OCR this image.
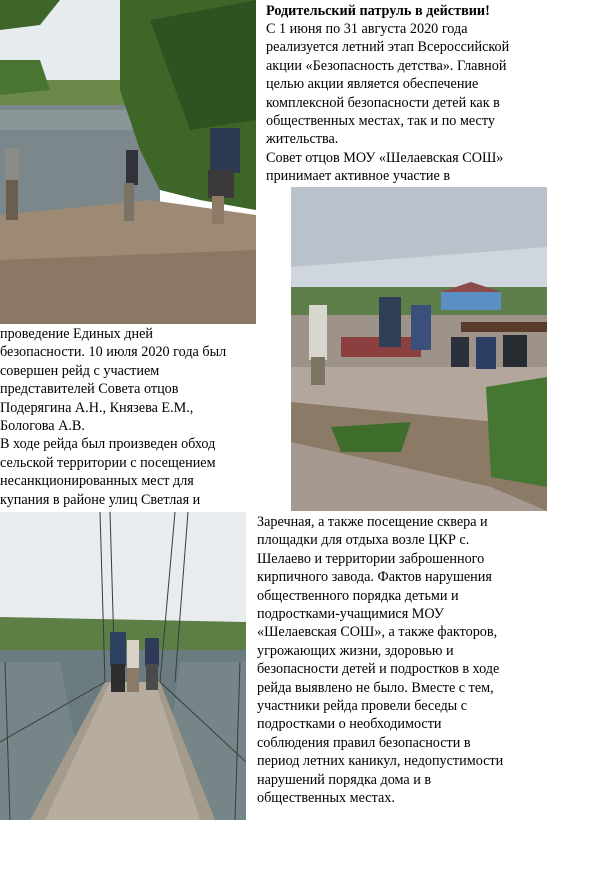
Родительский патруль в действии!
С 1 июня по 31 августа 2020 года
реализуется летний этап Всероссийской
акции «Безопасность детства». Главной
целью акции является обеспечение
комплексной безопасности детей как в
общественных местах, так и по месту
жительства.
Совет отцов МОУ «Шелаевская СОШ»
принимает активное участие в
проведение Единых дней
безопасности. 10 июля 2020 года был
совершен рейд с участием
представителей Совета отцов
Подерягина А.Н., Князева Е.М.,
Бологова А.В.
В ходе рейда был произведен обход
сельской территории с посещением
несанкционированных мест для
купания в районе улиц Светлая и
Заречная, а также посещение сквера и
площадки для отдыха возле ЦКР с.
Шелаево и территории заброшенного
кирпичного завода. Фактов нарушения
общественного порядка детьми и
подростками-учащимися МОУ
«Шелаевская СОШ», а также факторов,
угрожающих жизни, здоровью и
безопасности детей и подростков в ходе
рейда выявлено не было. Вместе с тем,
участники рейда провели беседы с
подростками о необходимости
соблюдения правил безопасности в
период летних каникул, недопустимости
нарушений порядка дома и в
общественных местах.
